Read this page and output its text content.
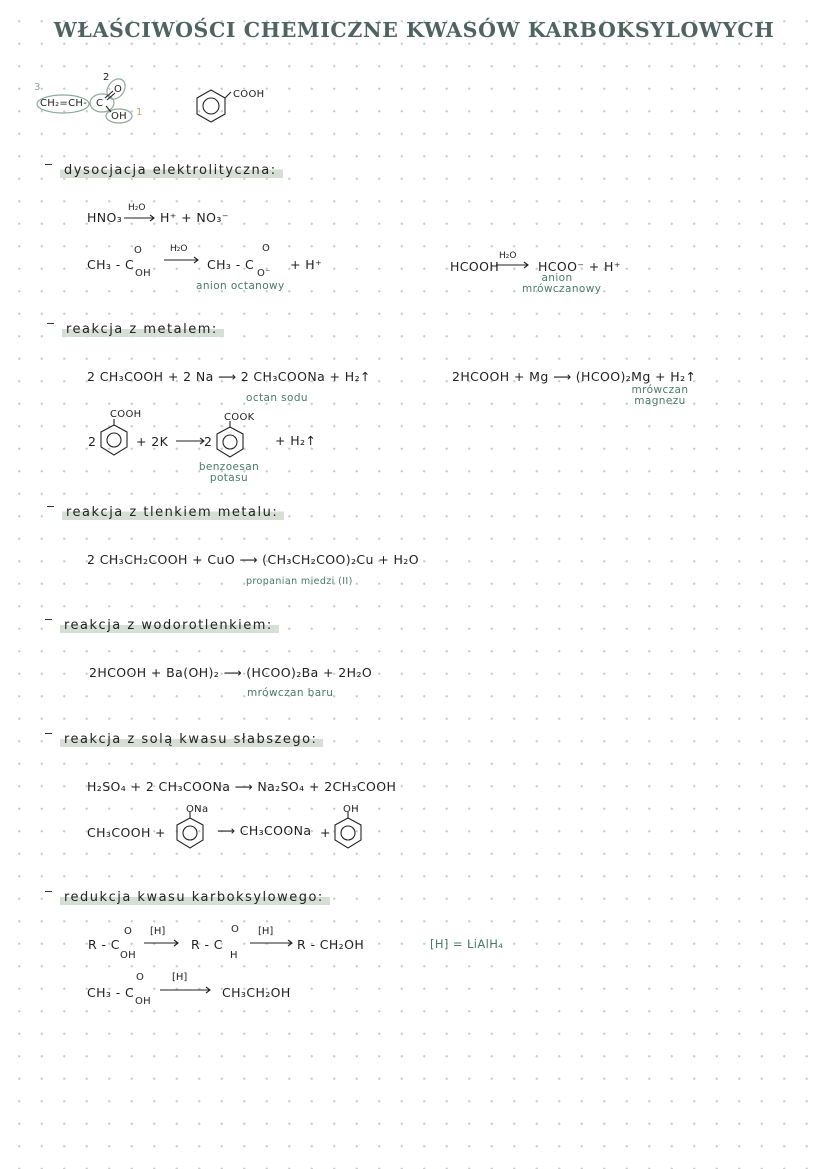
WŁAŚCIWOŚCI CHEMICZNE KWASÓW KARBOKSYLOWYCH
3
2
1
CH₂=CH- C
O
OH
COOH
dysocjacja elektrolityczna:
HNO₃
H₂O
→ H⁺ + NO₃⁻
CH₃ - C
O
OH
H₂O
→ CH₃ - C
O
O⁻
+ H⁺
anion octanowy
HCOOH
H₂O
→ HCOO⁻ + H⁺
anion
mrówczanowy
reakcja z metalem:
2 CH₃COOH + 2 Na ⟶ 2 CH₃COONa + H₂↑
octan sodu
2HCOOH + Mg ⟶ (HCOO)₂Mg + H₂↑
mrówczan
magnezu
COOH
2	+ 2K →
2
COOK
+ H₂↑
benzoesan
potasu
reakcja z tlenkiem metalu:
2 CH₃CH₂COOH + CuO ⟶ (CH₃CH₂COO)₂Cu + H₂O
propanian miedzi (II)
reakcja z wodorotlenkiem:
2HCOOH + Ba(OH)₂ ⟶ (HCOO)₂Ba + 2H₂O
mrówczan baru
reakcja z solą kwasu słabszego:
H₂SO₄ + 2 CH₃COONa ⟶ Na₂SO₄ + 2CH₃COOH
CH₃COOH +
ONa
⟶ CH₃COONa +
OH
redukcja kwasu karboksylowego:
R - C
O
OH
[H]
→ R - C
O
H
[H]
→ R - CH₂OH	[H] = LiAlH₄
CH₃ - C
O
OH
[H]
→ CH₃CH₂OH
